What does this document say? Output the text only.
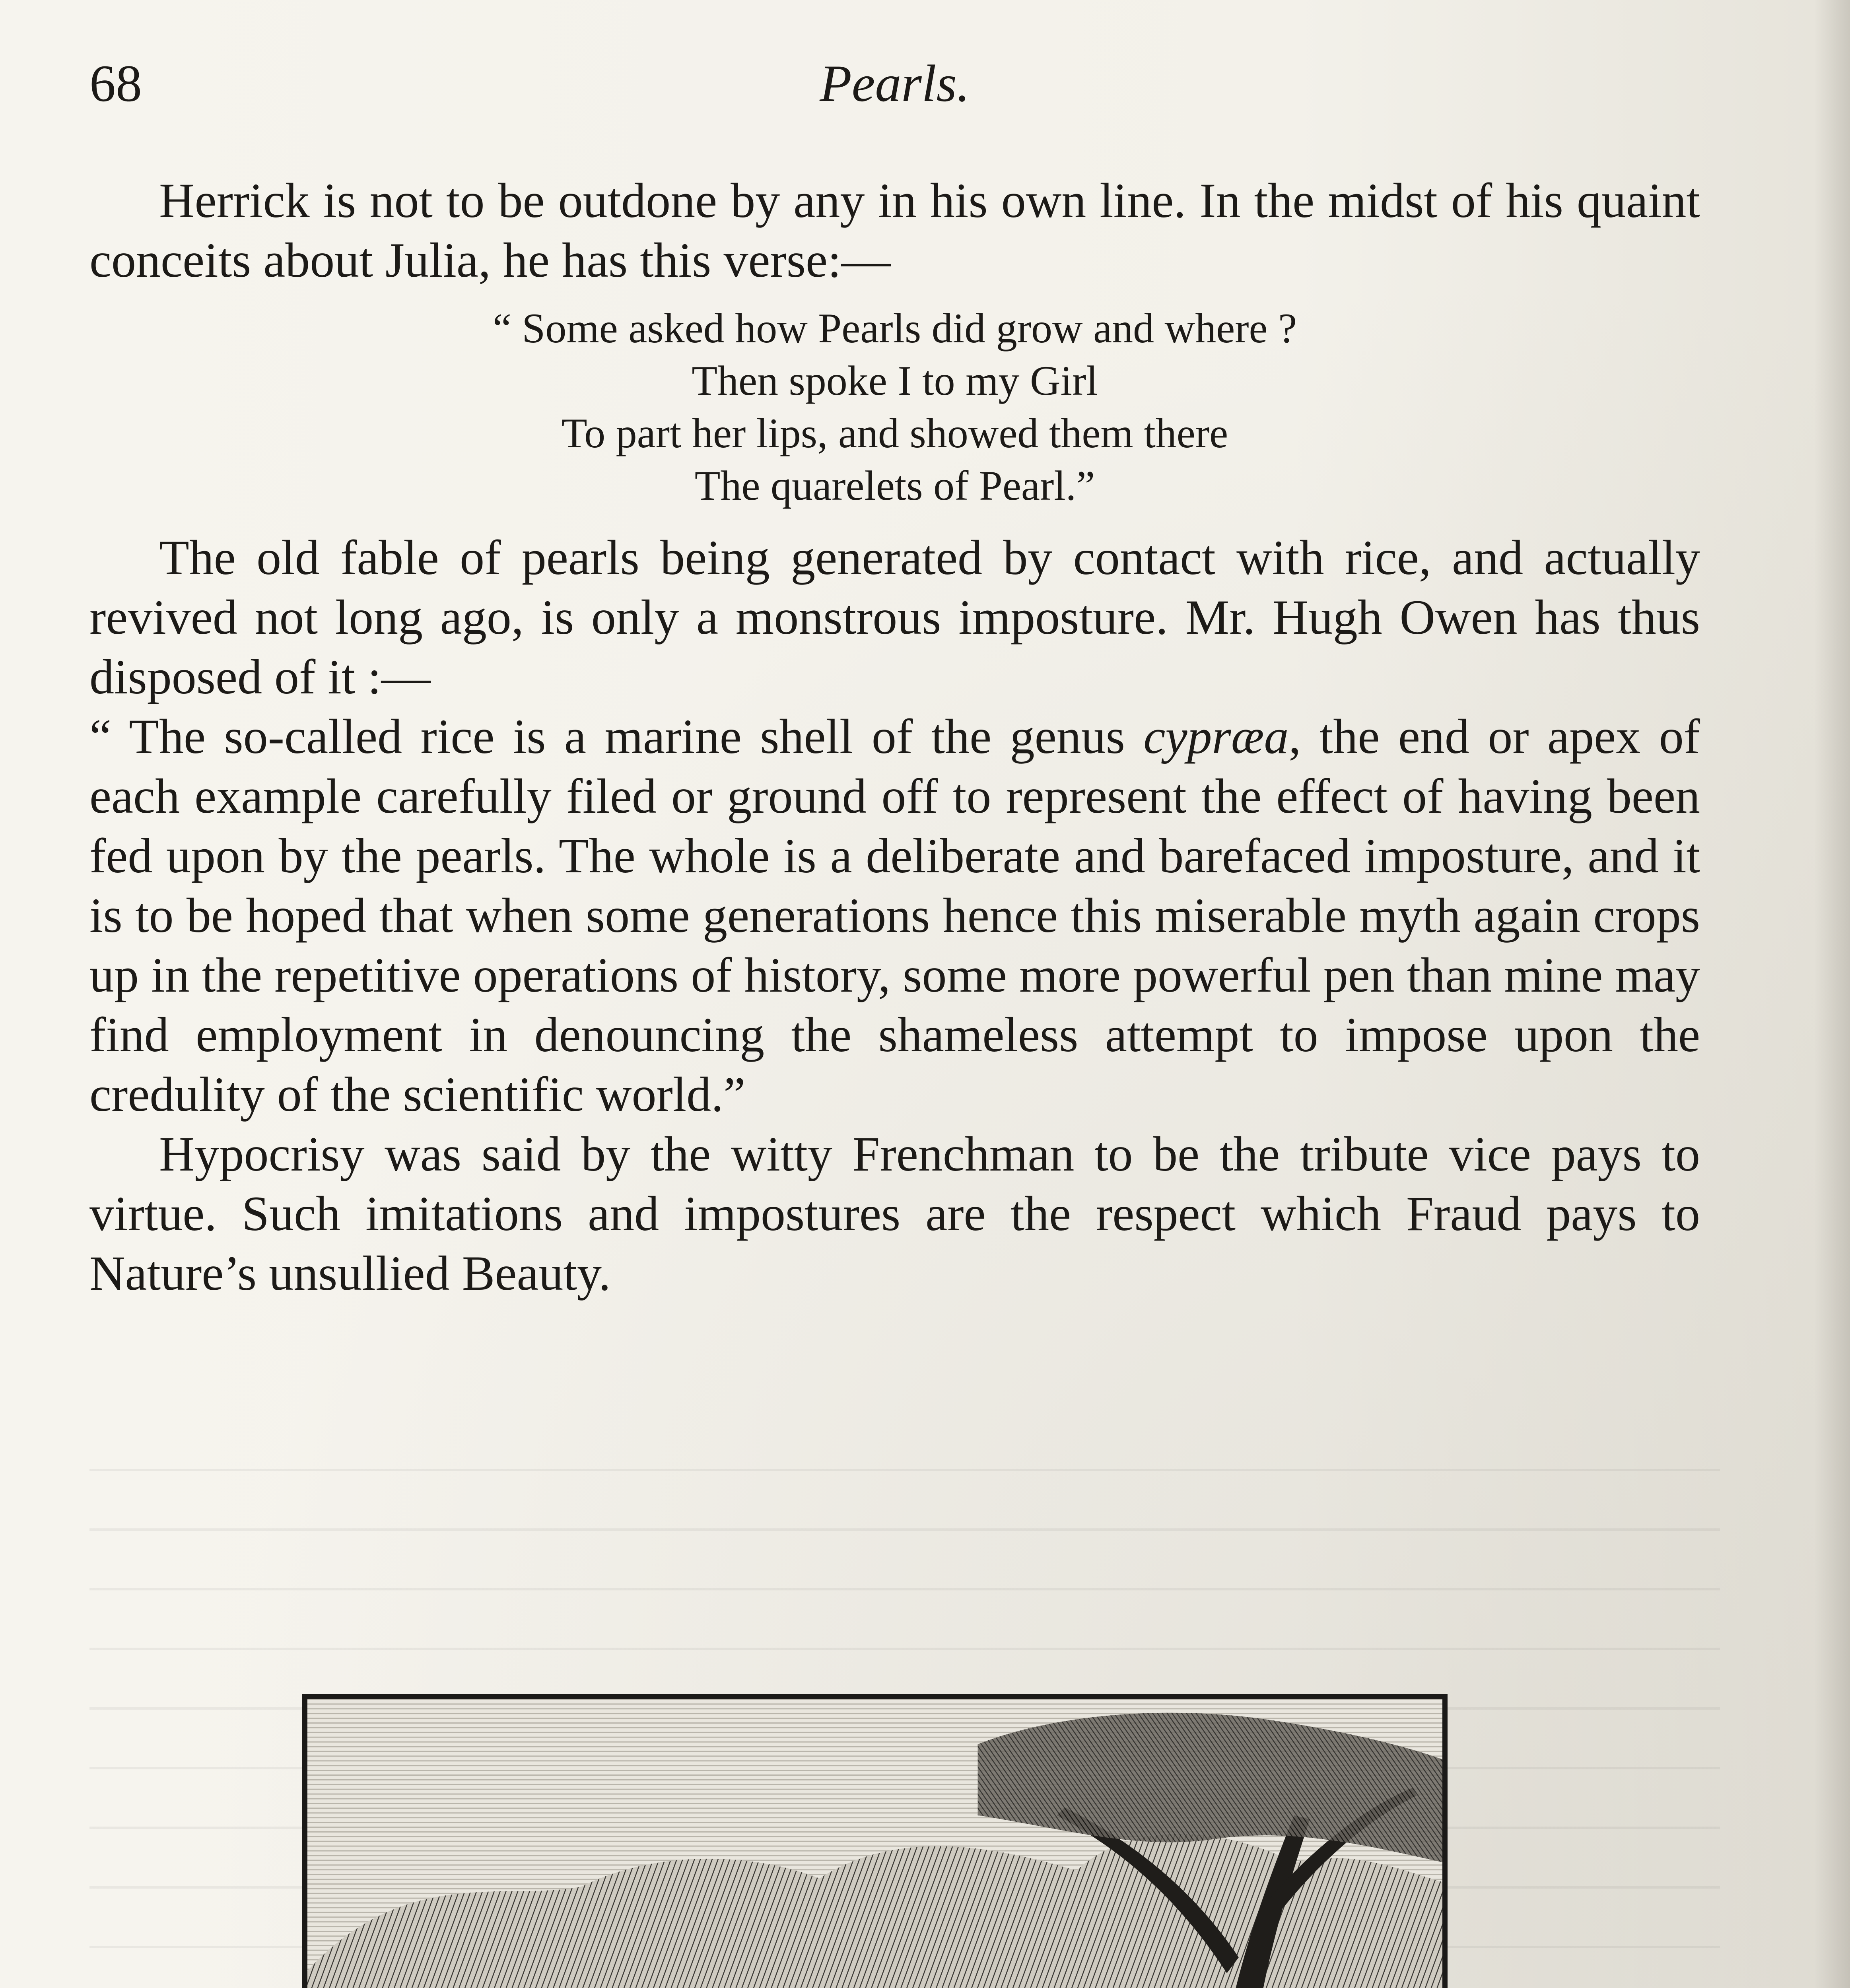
68	Pearls.

Herrick is not to be outdone by any in his own line. In the midst of his quaint conceits about Julia, he has this verse:—

“ Some asked how Pearls did grow and where ?
Then spoke I to my Girl
To part her lips, and showed them there
The quarelets of Pearl.”

The old fable of pearls being generated by contact with rice, and actually revived not long ago, is only a monstrous imposture. Mr. Hugh Owen has thus disposed of it :—

“ The so-called rice is a marine shell of the genus cypræa, the end or apex of each example carefully filed or ground off to represent the effect of having been fed upon by the pearls. The whole is a deliberate and barefaced imposture, and it is to be hoped that when some generations hence this miserable myth again crops up in the repetitive operations of history, some more powerful pen than mine may find employment in denouncing the shameless attempt to impose upon the credulity of the scientific world.”

Hypocrisy was said by the witty Frenchman to be the tribute vice pays to virtue. Such imitations and impostures are the respect which Fraud pays to Nature’s unsullied Beauty.
